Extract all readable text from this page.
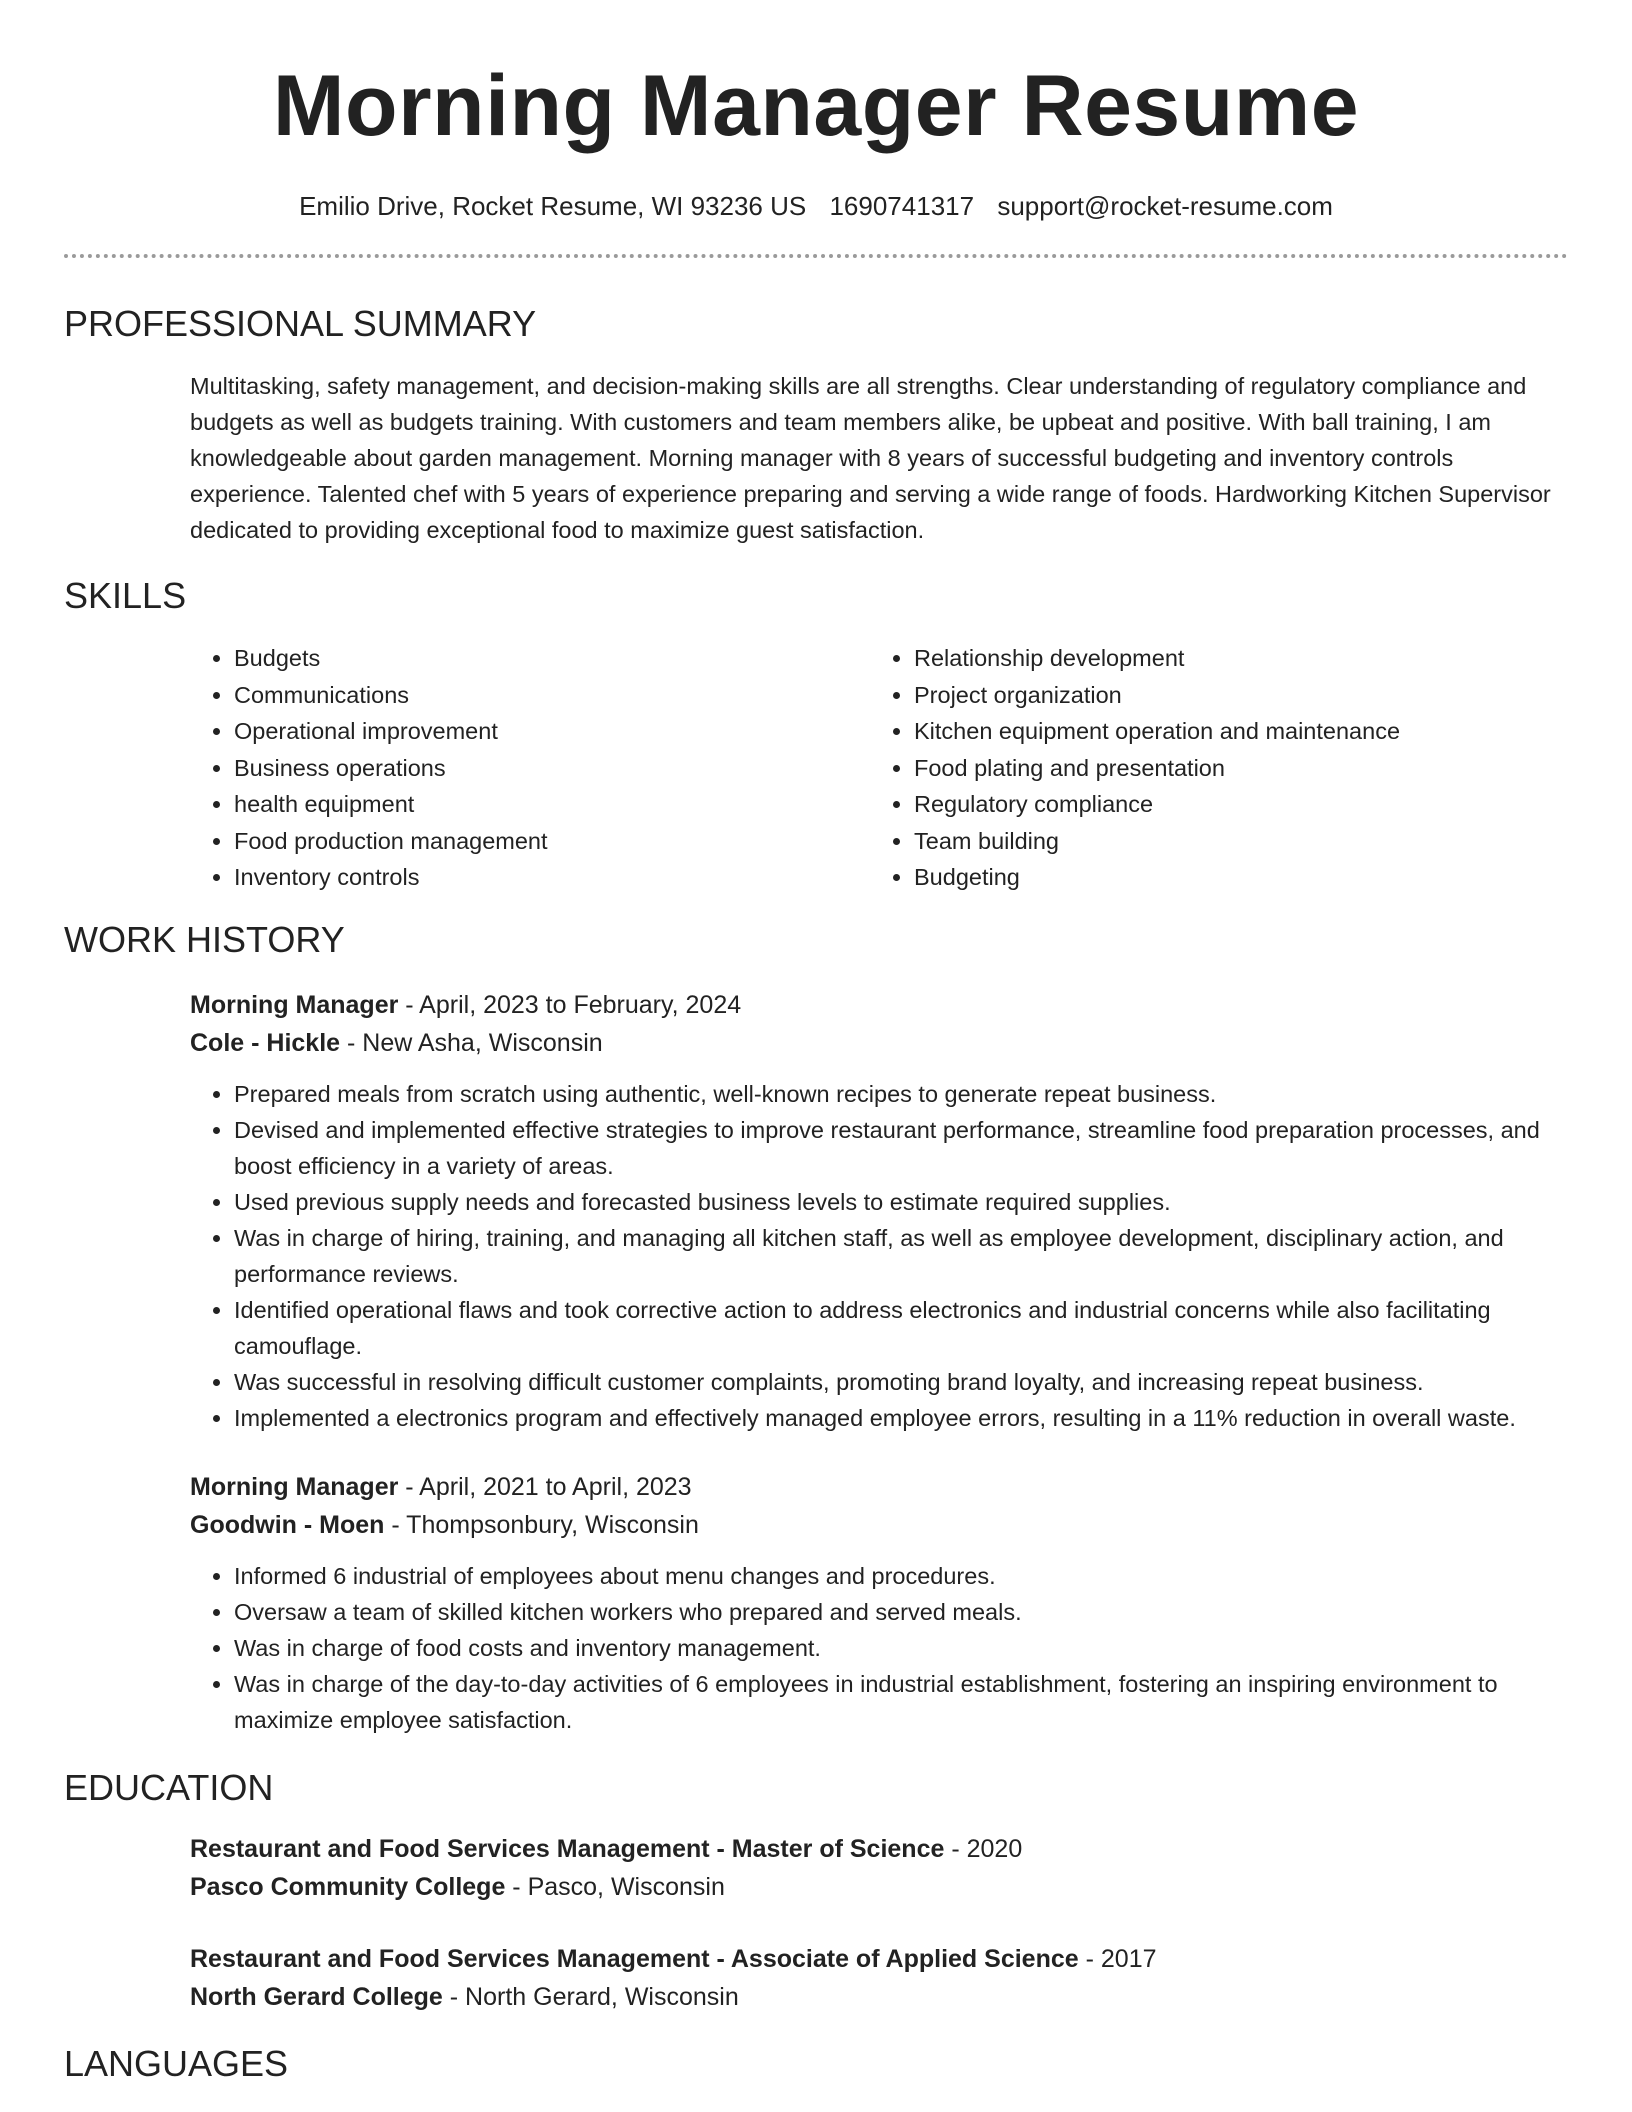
Morning Manager Resume
Emilio Drive, Rocket Resume, WI 93236 US 1690741317 support@rocket-resume.com
PROFESSIONAL SUMMARY

Multitasking, safety management, and decision-making skills are all strengths. Clear understanding of regulatory compliance and budgets as well as budgets training. With customers and team members alike, be upbeat and positive. With ball training, I am knowledgeable about garden management. Morning manager with 8 years of successful budgeting and inventory controls experience. Talented chef with 5 years of experience preparing and serving a wide range of foods. Hardworking Kitchen Supervisor dedicated to providing exceptional food to maximize guest satisfaction.

SKILLS
• Budgets
• Communications
• Operational improvement
• Business operations
• health equipment
• Food production management
• Inventory controls
• Relationship development
• Project organization
• Kitchen equipment operation and maintenance
• Food plating and presentation
• Regulatory compliance
• Team building
• Budgeting
WORK HISTORY
Morning Manager - April, 2023 to February, 2024
Cole - Hickle - New Asha, Wisconsin
• Prepared meals from scratch using authentic, well-known recipes to generate repeat business.
• Devised and implemented effective strategies to improve restaurant performance, streamline food preparation processes, and boost efficiency in a variety of areas.
• Used previous supply needs and forecasted business levels to estimate required supplies.
• Was in charge of hiring, training, and managing all kitchen staff, as well as employee development, disciplinary action, and performance reviews.
• Identified operational flaws and took corrective action to address electronics and industrial concerns while also facilitating camouflage.
• Was successful in resolving difficult customer complaints, promoting brand loyalty, and increasing repeat business.
• Implemented a electronics program and effectively managed employee errors, resulting in a 11% reduction in overall waste.
Morning Manager - April, 2021 to April, 2023
Goodwin - Moen - Thompsonbury, Wisconsin
• Informed 6 industrial of employees about menu changes and procedures.
• Oversaw a team of skilled kitchen workers who prepared and served meals.
• Was in charge of food costs and inventory management.
• Was in charge of the day-to-day activities of 6 employees in industrial establishment, fostering an inspiring environment to maximize employee satisfaction.
EDUCATION
Restaurant and Food Services Management - Master of Science - 2020
Pasco Community College - Pasco, Wisconsin
Restaurant and Food Services Management - Associate of Applied Science - 2017
North Gerard College - North Gerard, Wisconsin
LANGUAGES
